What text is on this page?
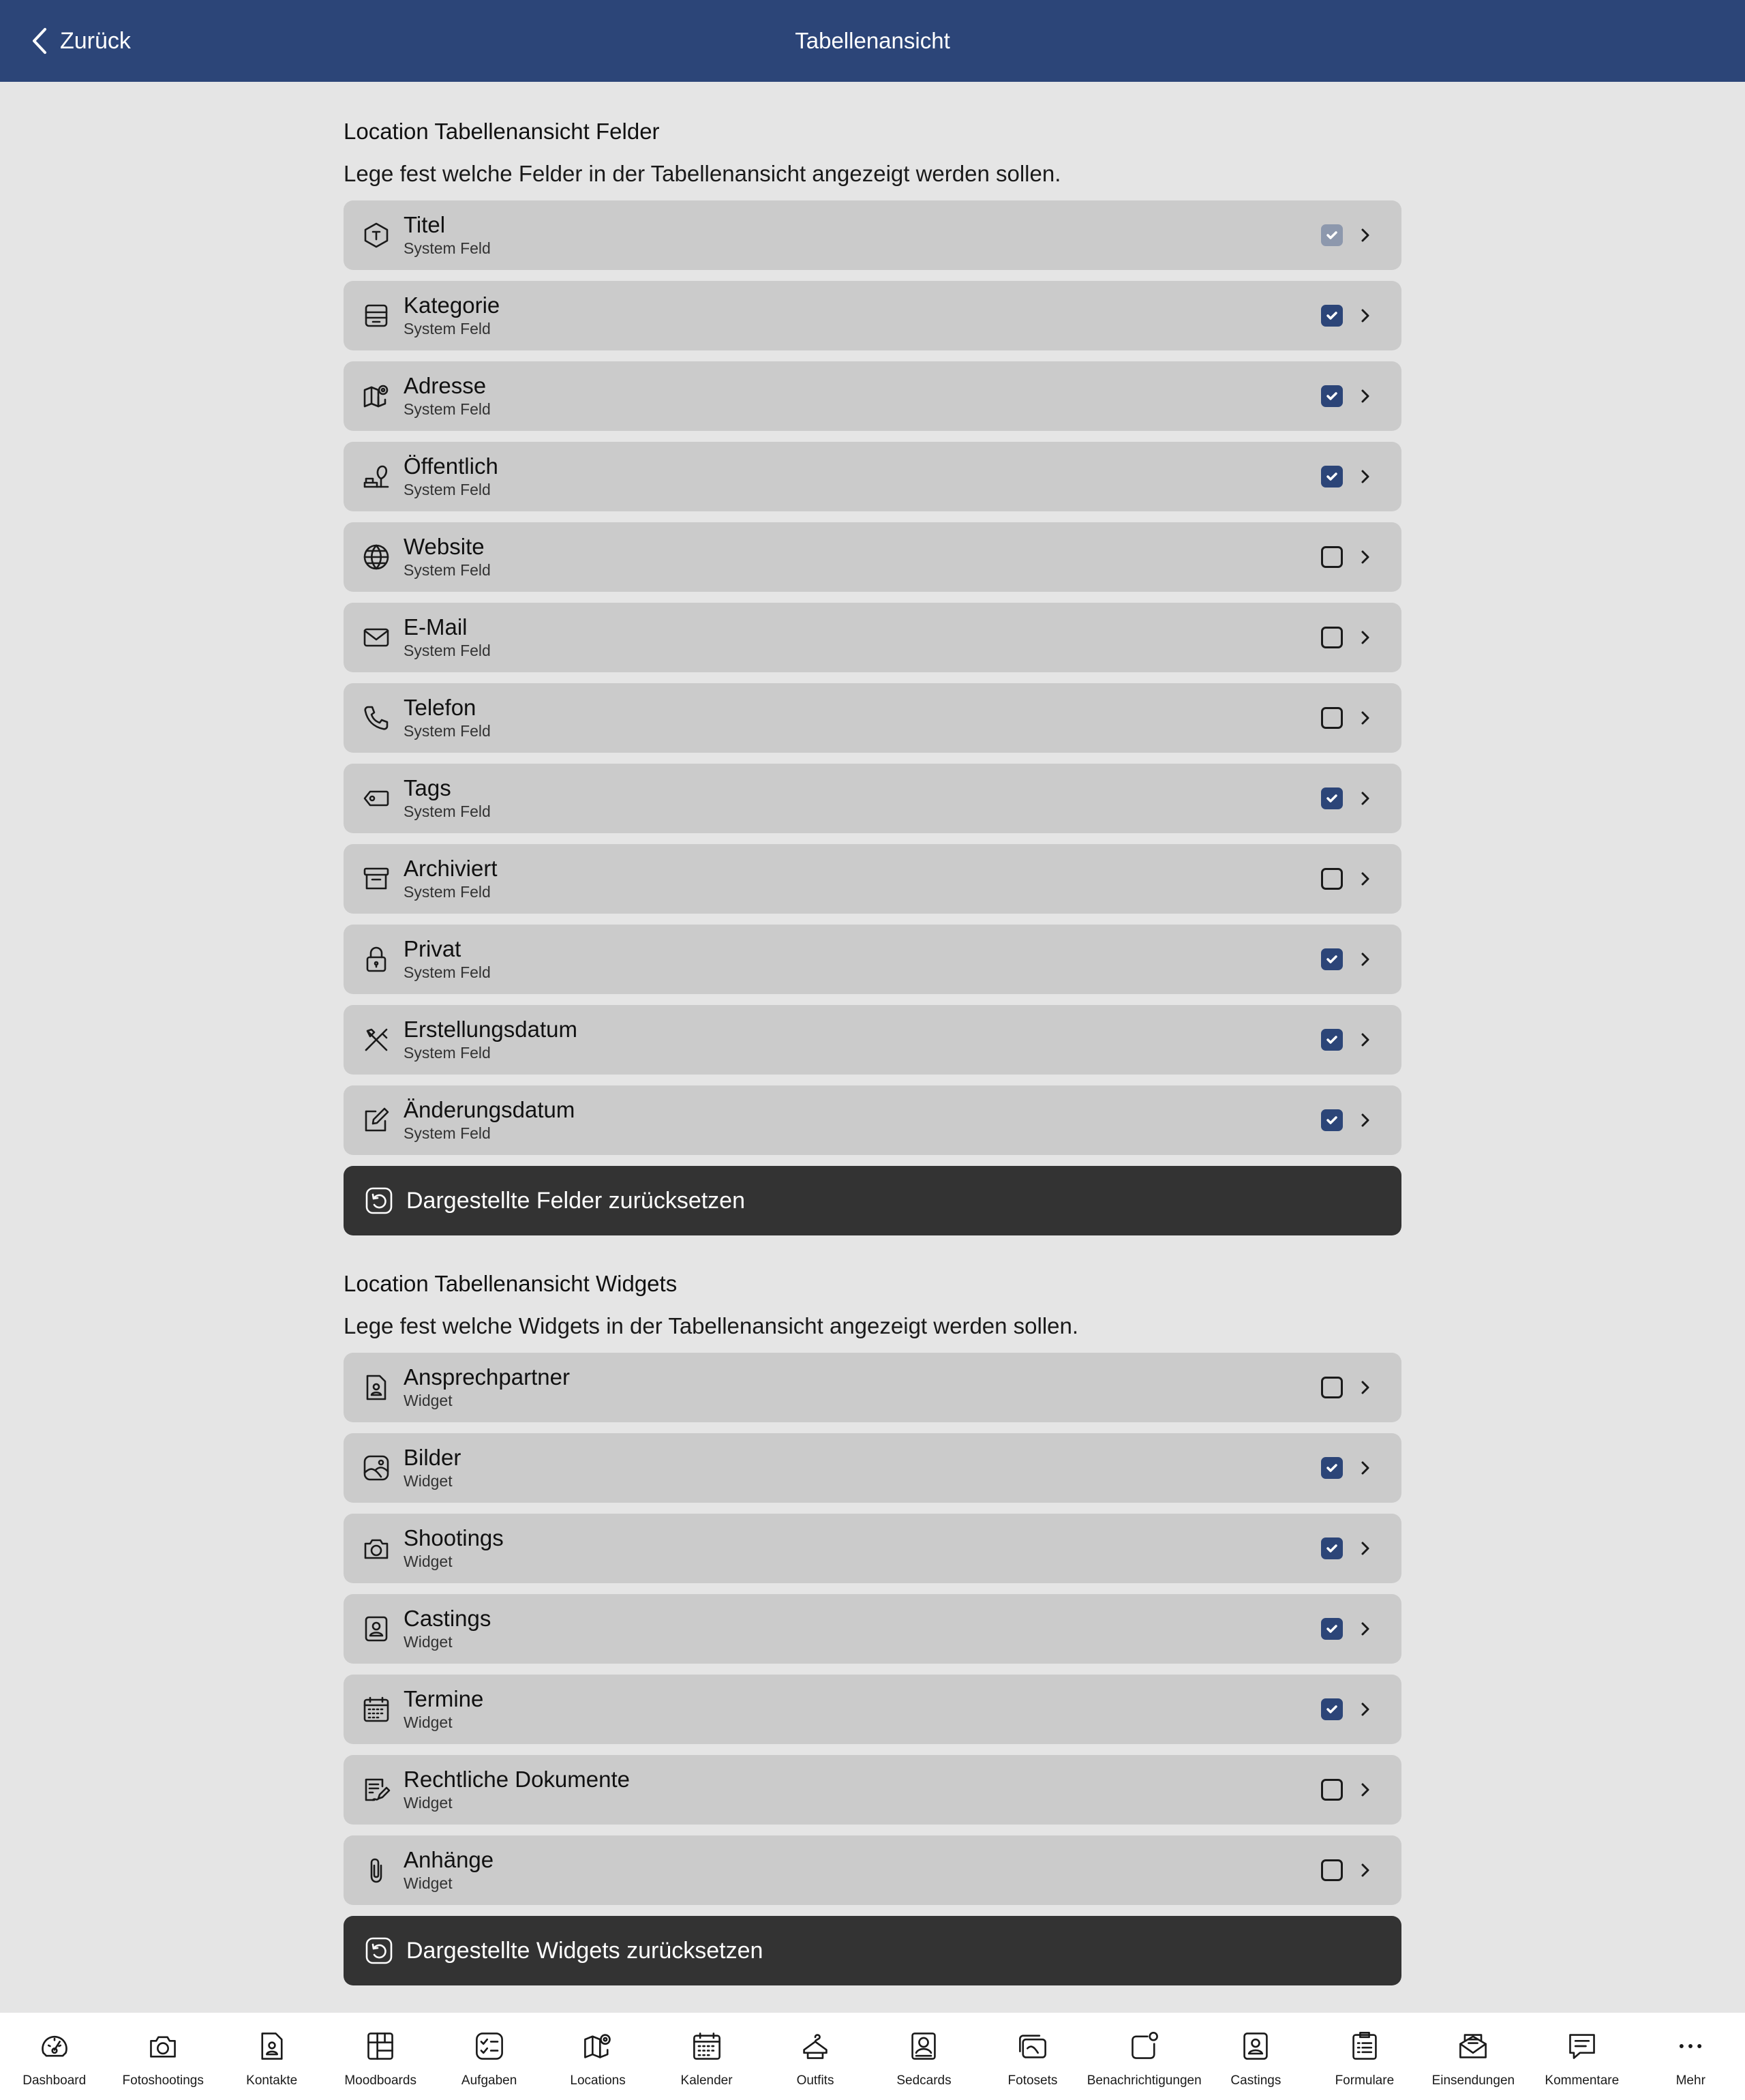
Zurück	Tabellenansicht
Location Tabellenansicht Felder
Lege fest welche Felder in der Tabellenansicht angezeigt werden sollen.
Titel
System Feld
Kategorie
System Feld
Adresse
System Feld
Öffentlich
System Feld
Website
System Feld
E-Mail
System Feld
Telefon
System Feld
Tags
System Feld
Archiviert
System Feld
Privat
System Feld
Erstellungsdatum
System Feld
Änderungsdatum
System Feld
Dargestellte Felder zurücksetzen
Location Tabellenansicht Widgets
Lege fest welche Widgets in der Tabellenansicht angezeigt werden sollen.
Ansprechpartner
Widget
Bilder
Widget
Shootings
Widget
Castings
Widget
Termine
Widget
Rechtliche Dokumente
Widget
Anhänge
Widget
Dargestellte Widgets zurücksetzen
Dashboard	Fotoshootings	Kontakte	Moodboards	Aufgaben	Locations	Kalender	Outfits	Sedcards	Fotosets Benachrichtigungen Castings	Formulare	Einsendungen Kommentare	Mehr
